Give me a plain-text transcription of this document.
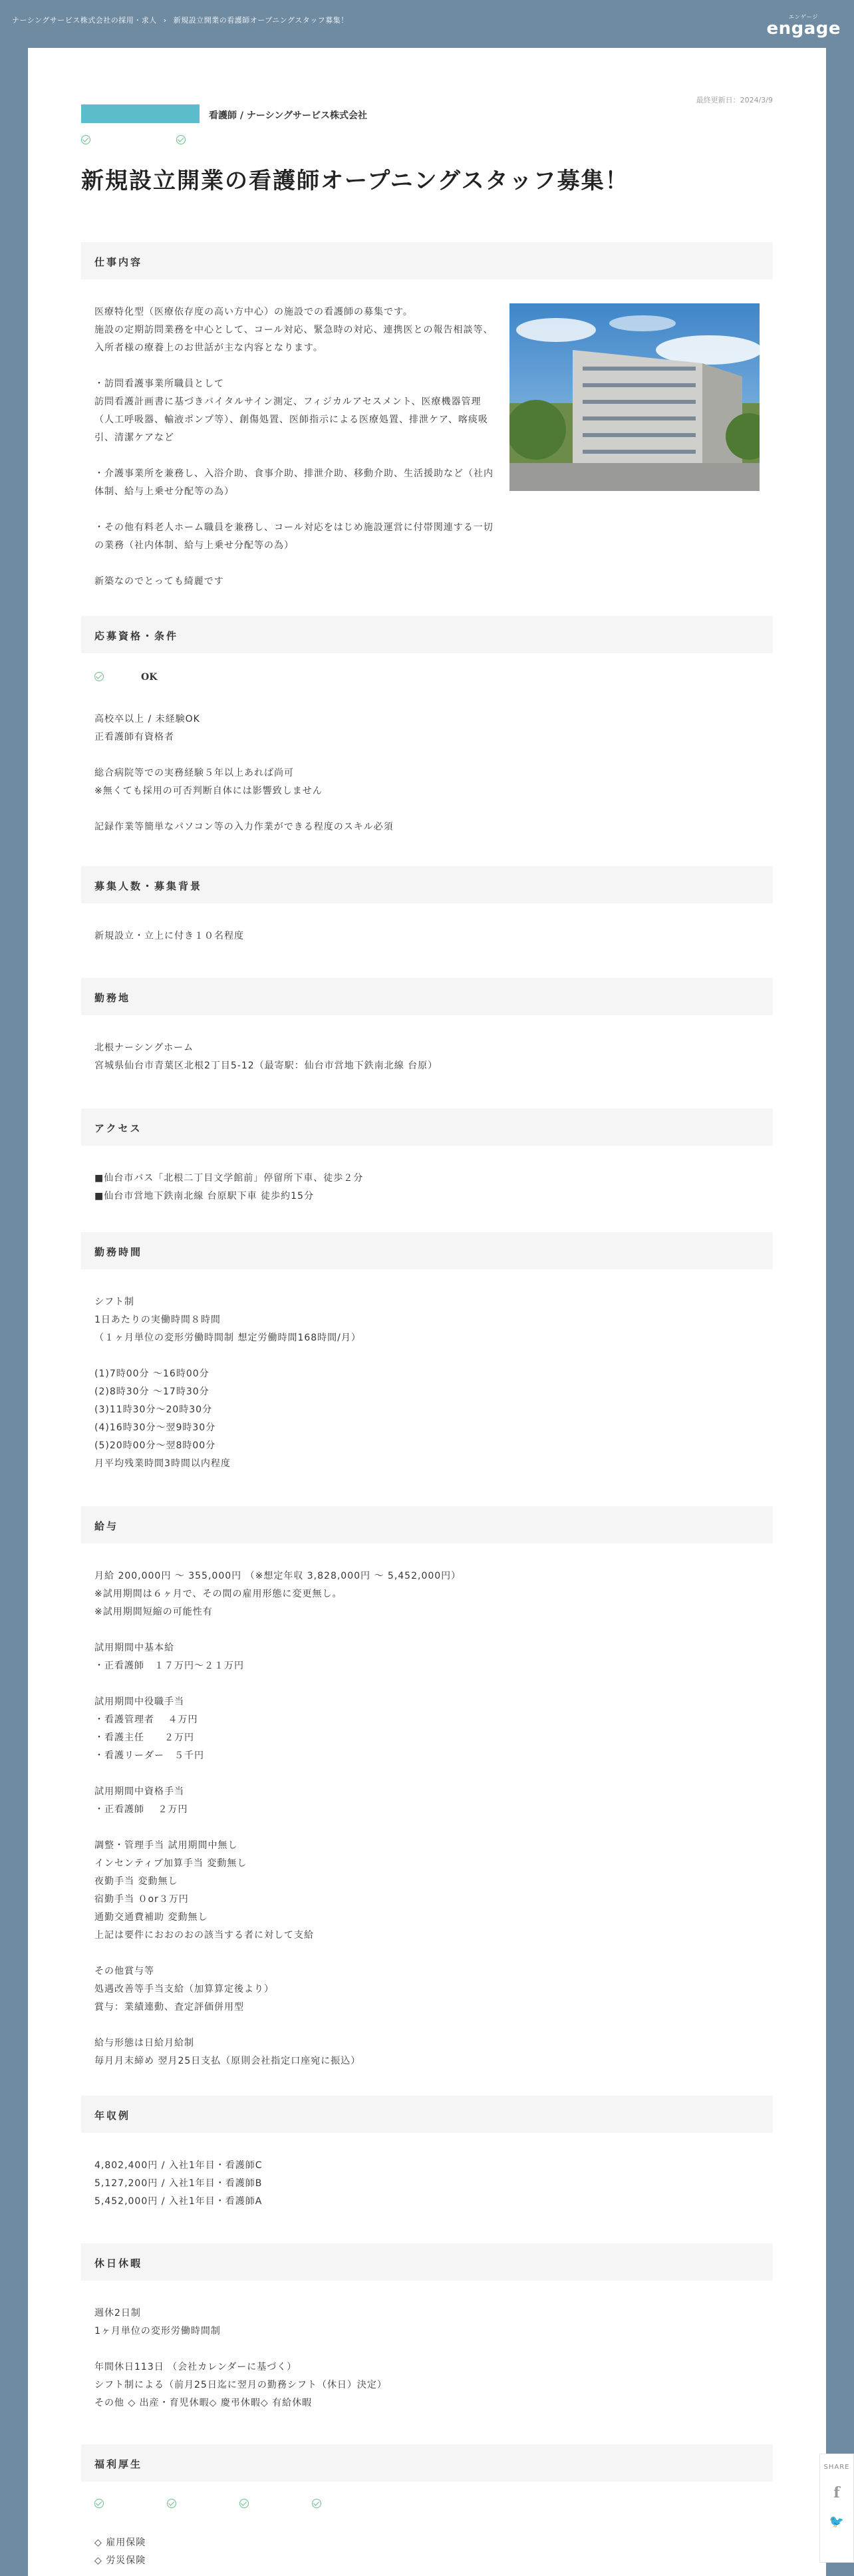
ナーシングサービス株式会社の採用・求人 › 新規設立開業の看護師オープニングスタッフ募集！	エンゲージ
engage
最終更新日：2024/3/9
看護師 / ナーシングサービス株式会社

新規設立開業の看護師オープニングスタッフ募集！
仕事内容
医療特化型（医療依存度の高い方中心）の施設での看護師の募集です。
施設の定期訪問業務を中心として、コール対応、緊急時の対応、連携医との報告相談等、入所者様の療養上のお世話が主な内容となります。

・訪問看護事業所職員として
訪問看護計画書に基づきバイタルサイン測定、フィジカルアセスメント、医療機器管理（人工呼吸器、輸液ポンプ等）、創傷処置、医師指示による医療処置、排泄ケア、喀痰吸引、清潔ケアなど

・介護事業所を兼務し、入浴介助、食事介助、排泄介助、移動介助、生活援助など（社内体制、給与上乗せ分配等の為）

・その他有料老人ホーム職員を兼務し、コール対応をはじめ施設運営に付帯関連する一切の業務（社内体制、給与上乗せ分配等の為）

新築なのでとっても綺麗です
応募資格・条件
OK
高校卒以上 / 未経験OK
正看護師有資格者

総合病院等での実務経験５年以上あれば尚可
※無くても採用の可否判断自体には影響致しません

記録作業等簡単なパソコン等の入力作業ができる程度のスキル必須
募集人数・募集背景
新規設立・立上に付き１０名程度
勤務地
北根ナーシングホーム
宮城県仙台市青葉区北根2丁目5-12（最寄駅：仙台市営地下鉄南北線 台原）
アクセス
■仙台市バス「北根二丁目文学館前」停留所下車、徒歩２分
■仙台市営地下鉄南北線 台原駅下車 徒歩約15分
勤務時間
シフト制
1日あたりの実働時間８時間
（１ヶ月単位の変形労働時間制 想定労働時間168時間/月）

(1)7時00分 〜16時00分
(2)8時30分 〜17時30分
(3)11時30分〜20時30分
(4)16時30分〜翌9時30分
(5)20時00分〜翌8時00分
月平均残業時間3時間以内程度
給与
月給 200,000円 〜 355,000円 （※想定年収 3,828,000円 〜 5,452,000円）
※試用期間は６ヶ月で、その間の雇用形態に変更無し。
※試用期間短縮の可能性有

試用期間中基本給
・正看護師　１７万円〜２１万円

試用期間中役職手当
・看護管理者　 ４万円
・看護主任　　２万円
・看護リーダー　５千円

試用期間中資格手当
・正看護師　 ２万円

調整・管理手当 試用期間中無し
インセンティブ加算手当 変動無し
夜勤手当 変動無し
宿勤手当 ０or３万円
通勤交通費補助 変動無し
上記は要件におおのおの該当する者に対して支給

その他賞与等
処遇改善等手当支給（加算算定後より）
賞与：業績連動、査定評価併用型

給与形態は日給月給制
毎月月末締め 翌月25日支払（原則会社指定口座宛に振込）
年収例
4,802,400円 / 入社1年目・看護師C
5,127,200円 / 入社1年目・看護師B
5,452,000円 / 入社1年目・看護師A
休日休暇
週休2日制
1ヶ月単位の変形労働時間制

年間休日113日 （会社カレンダーに基づく）
シフト制による（前月25日迄に翌月の勤務シフト（休日）決定）
その他 ◇ 出産・育児休暇◇ 慶弔休暇◇ 有給休暇
福利厚生

◇ 雇用保険
◇ 労災保険
SHARE
f
🐦
